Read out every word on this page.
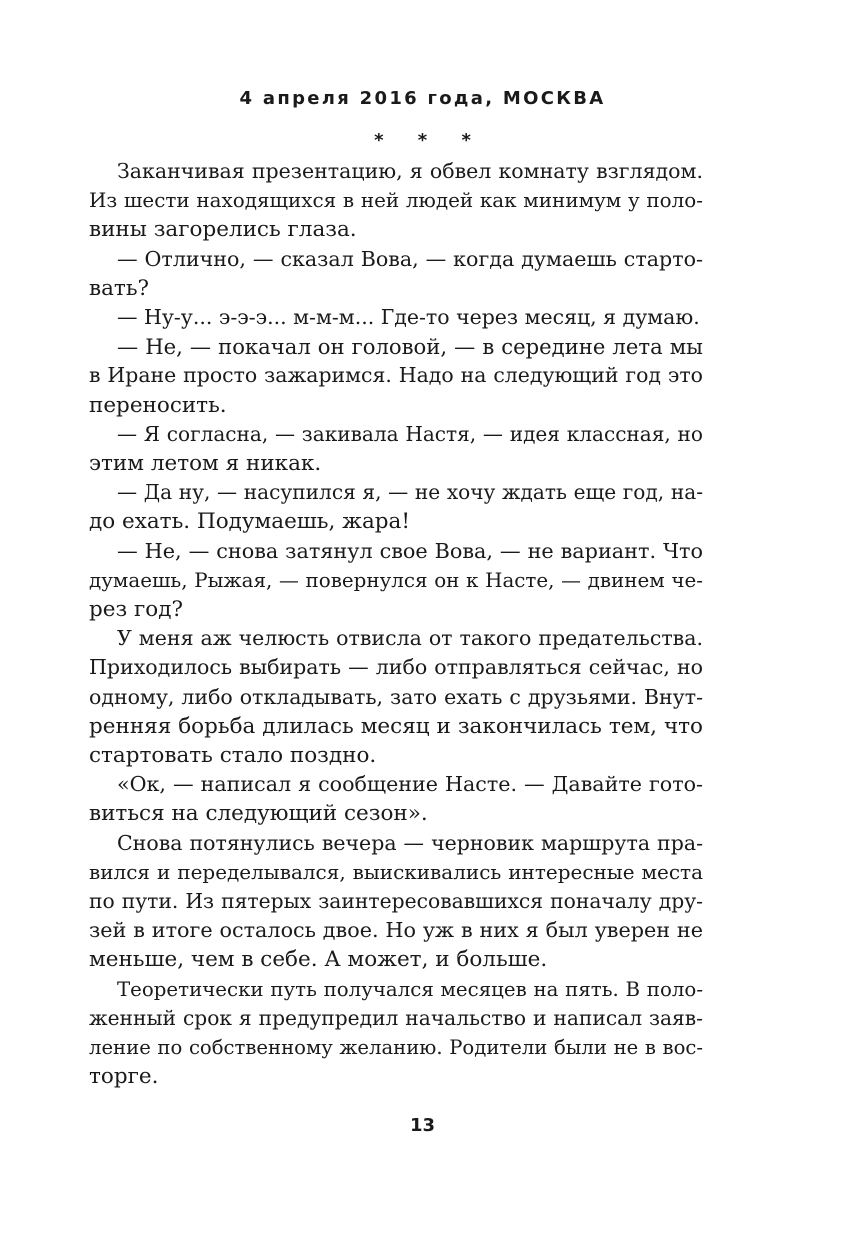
4 апреля 2016 года, МОСКВА
* * *
Заканчивая презентацию, я обвел комнату взглядом.
Из шести находящихся в ней людей как минимум у поло-
вины загорелись глаза.
— Отлично, — сказал Вова, — когда думаешь старто-
вать?
— Ну-у... э-э-э... м-м-м... Где-то через месяц, я думаю.
— Не, — покачал он головой, — в середине лета мы
в Иране просто зажаримся. Надо на следующий год это
переносить.
— Я согласна, — закивала Настя, — идея классная, но
этим летом я никак.
— Да ну, — насупился я, — не хочу ждать еще год, на-
до ехать. Подумаешь, жара!
— Не, — снова затянул свое Вова, — не вариант. Что
думаешь, Рыжая, — повернулся он к Насте, — двинем че-
рез год?
У меня аж челюсть отвисла от такого предательства.
Приходилось выбирать — либо отправляться сейчас, но
одному, либо откладывать, зато ехать с друзьями. Внут-
ренняя борьба длилась месяц и закончилась тем, что
стартовать стало поздно.
«Ок, — написал я сообщение Насте. — Давайте гото-
виться на следующий сезон».
Снова потянулись вечера — черновик маршрута пра-
вился и переделывался, выискивались интересные места
по пути. Из пятерых заинтересовавшихся поначалу дру-
зей в итоге осталось двое. Но уж в них я был уверен не
меньше, чем в себе. А может, и больше.
Теоретически путь получался месяцев на пять. В поло-
женный срок я предупредил начальство и написал заяв-
ление по собственному желанию. Родители были не в вос-
торге.
13
